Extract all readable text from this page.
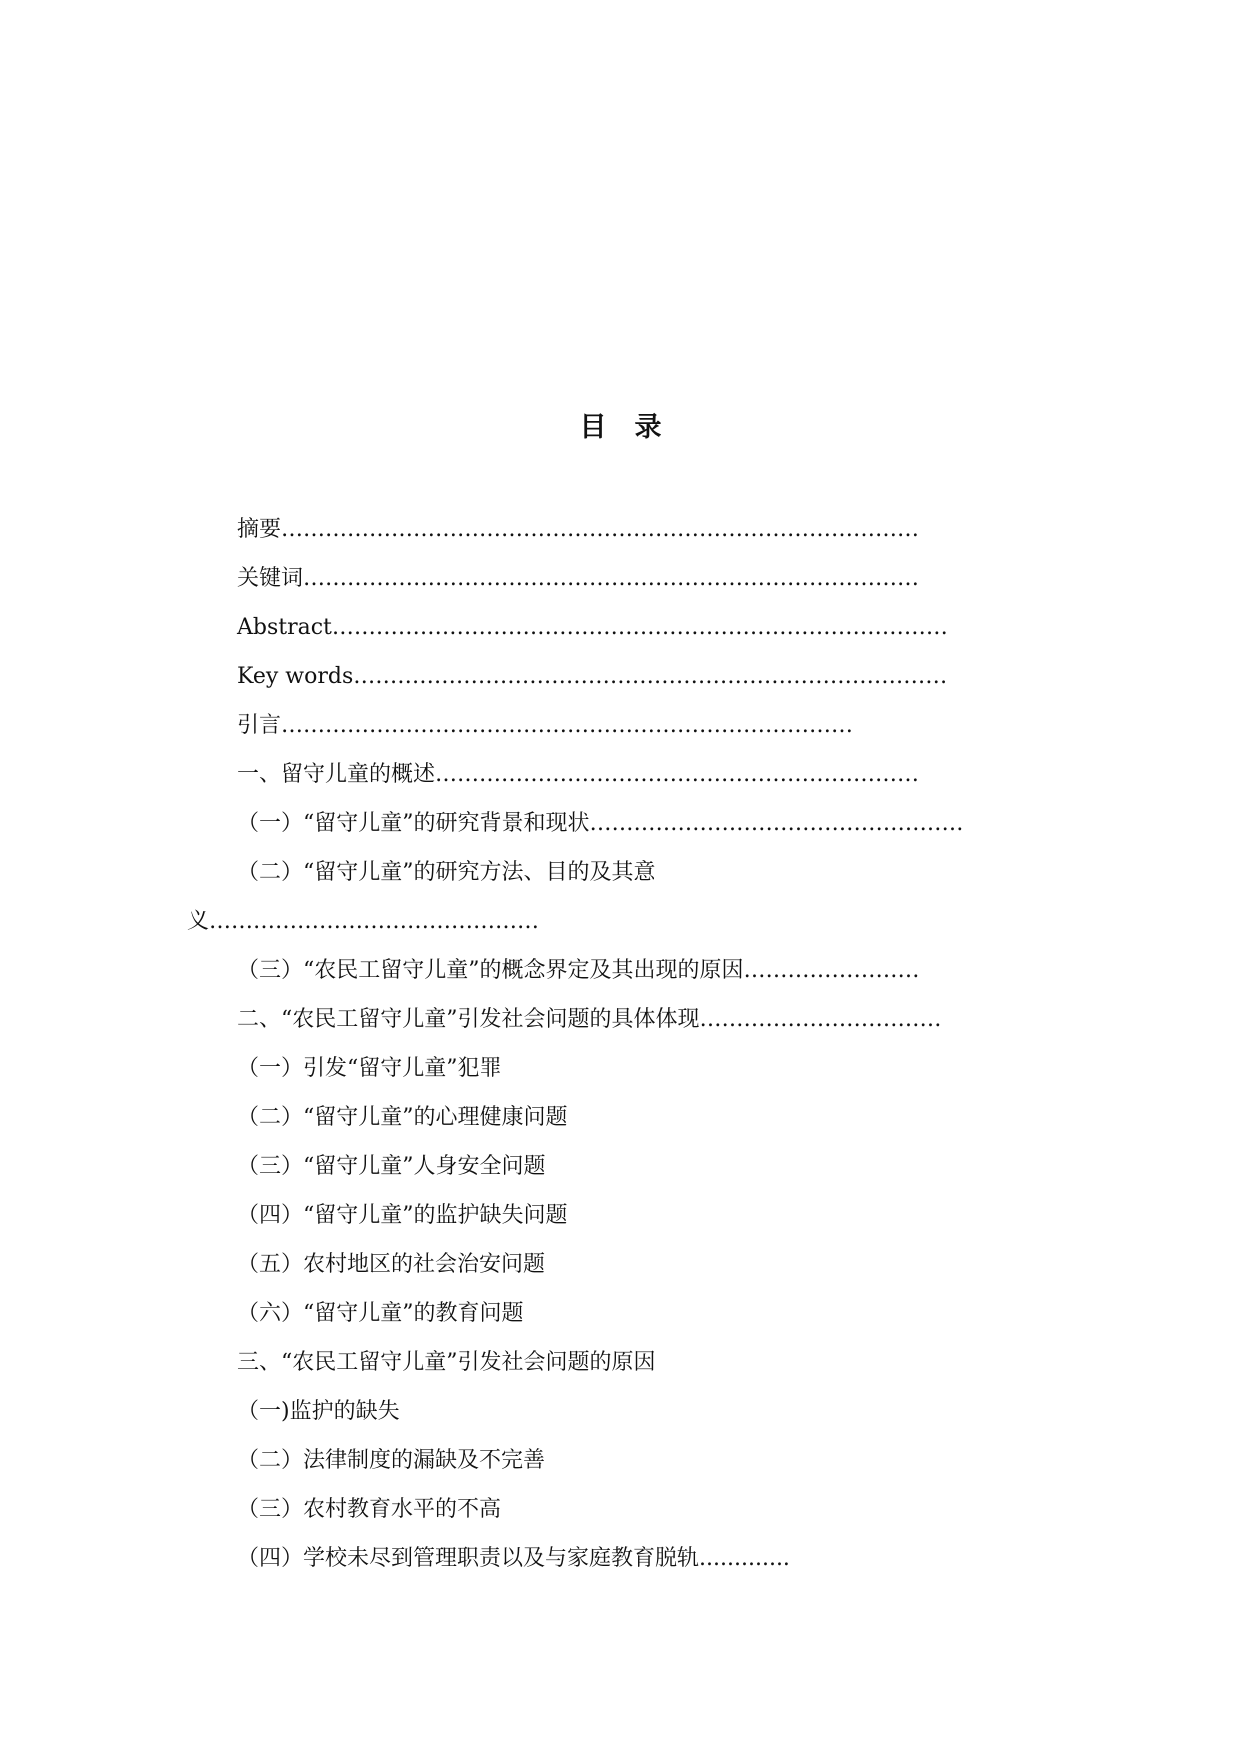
目录
摘要……………………………………………………………………………
关键词…………………………………………………………………………
Abstract…………………………………………………………………………
Key words………………………………………………………………………
引言……………………………………………………………………
一、留守儿童的概述…………………………………………………………
（一）“留守儿童”的研究背景和现状……………………………………………
（二）“留守儿童”的研究方法、目的及其意
义………………………………………
（三）“农民工留守儿童”的概念界定及其出现的原因……………………
二、“农民工留守儿童”引发社会问题的具体体现……………………………
（一）引发“留守儿童”犯罪
（二）“留守儿童”的心理健康问题
（三）“留守儿童”人身安全问题
（四）“留守儿童”的监护缺失问题
（五）农村地区的社会治安问题
（六）“留守儿童”的教育问题
三、“农民工留守儿童”引发社会问题的原因
（一)监护的缺失
（二）法律制度的漏缺及不完善
（三）农村教育水平的不高
（四）学校未尽到管理职责以及与家庭教育脱轨.............
